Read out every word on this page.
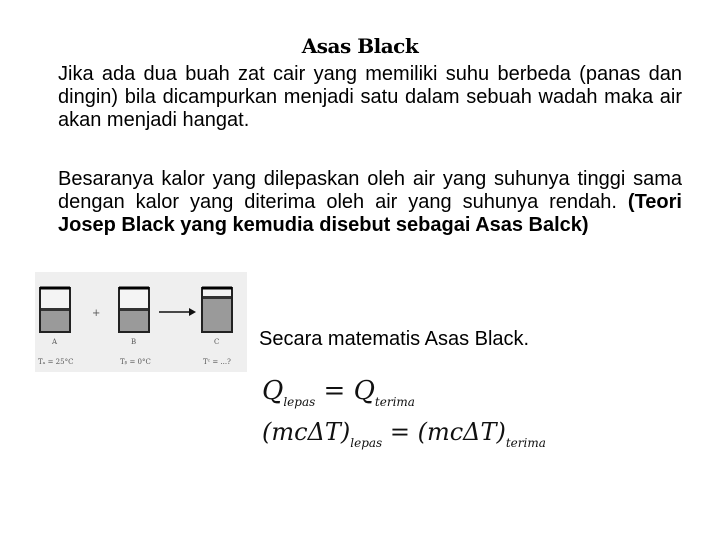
Asas Black
Jika ada dua buah zat cair yang memiliki suhu berbeda (panas dan dingin) bila dicampurkan menjadi satu dalam sebuah wadah maka air akan menjadi hangat.
Besaranya kalor yang dilepaskan oleh air yang suhunya tinggi sama dengan kalor yang diterima oleh air yang suhunya rendah. (Teori Josep Black yang kemudia disebut sebagai Asas Balck)
+
A	B	C
Tₐ = 25°C	Tᵦ = 0°C	Tᶜ = ...?
Secara matematis Asas Black.
$Q_{lepas} = Q_{terima}$
$(mc\Delta T)_{lepas} = (mc\Delta T)_{terima}$
